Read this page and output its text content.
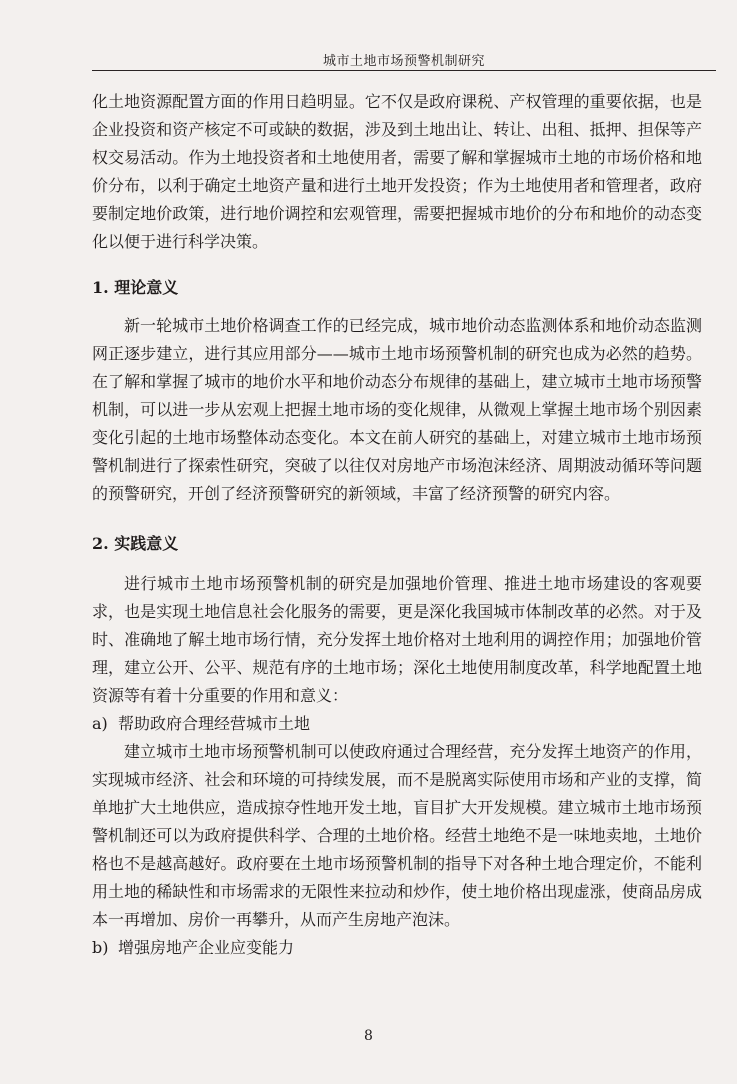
城市土地市场预警机制研究

化土地资源配置方面的作用日趋明显。它不仅是政府课税、产权管理的重要依据，也是企业投资和资产核定不可或缺的数据，涉及到土地出让、转让、出租、抵押、担保等产权交易活动。作为土地投资者和土地使用者，需要了解和掌握城市土地的市场价格和地价分布，以利于确定土地资产量和进行土地开发投资；作为土地使用者和管理者，政府要制定地价政策，进行地价调控和宏观管理，需要把握城市地价的分布和地价的动态变化以便于进行科学决策。

1. 理论意义

新一轮城市土地价格调查工作的已经完成，城市地价动态监测体系和地价动态监测网正逐步建立，进行其应用部分——城市土地市场预警机制的研究也成为必然的趋势。在了解和掌握了城市的地价水平和地价动态分布规律的基础上，建立城市土地市场预警机制，可以进一步从宏观上把握土地市场的变化规律，从微观上掌握土地市场个别因素变化引起的土地市场整体动态变化。本文在前人研究的基础上，对建立城市土地市场预警机制进行了探索性研究，突破了以往仅对房地产市场泡沫经济、周期波动循环等问题的预警研究，开创了经济预警研究的新领域，丰富了经济预警的研究内容。

2. 实践意义

进行城市土地市场预警机制的研究是加强地价管理、推进土地市场建设的客观要求，也是实现土地信息社会化服务的需要，更是深化我国城市体制改革的必然。对于及时、准确地了解土地市场行情，充分发挥土地价格对土地利用的调控作用；加强地价管理，建立公开、公平、规范有序的土地市场；深化土地使用制度改革，科学地配置土地资源等有着十分重要的作用和意义：

a) 帮助政府合理经营城市土地

建立城市土地市场预警机制可以使政府通过合理经营，充分发挥土地资产的作用，实现城市经济、社会和环境的可持续发展，而不是脱离实际使用市场和产业的支撑，简单地扩大土地供应，造成掠夺性地开发土地，盲目扩大开发规模。建立城市土地市场预警机制还可以为政府提供科学、合理的土地价格。经营土地绝不是一味地卖地，土地价格也不是越高越好。政府要在土地市场预警机制的指导下对各种土地合理定价，不能利用土地的稀缺性和市场需求的无限性来拉动和炒作，使土地价格出现虚涨，使商品房成本一再增加、房价一再攀升，从而产生房地产泡沫。

b) 增强房地产企业应变能力

8
